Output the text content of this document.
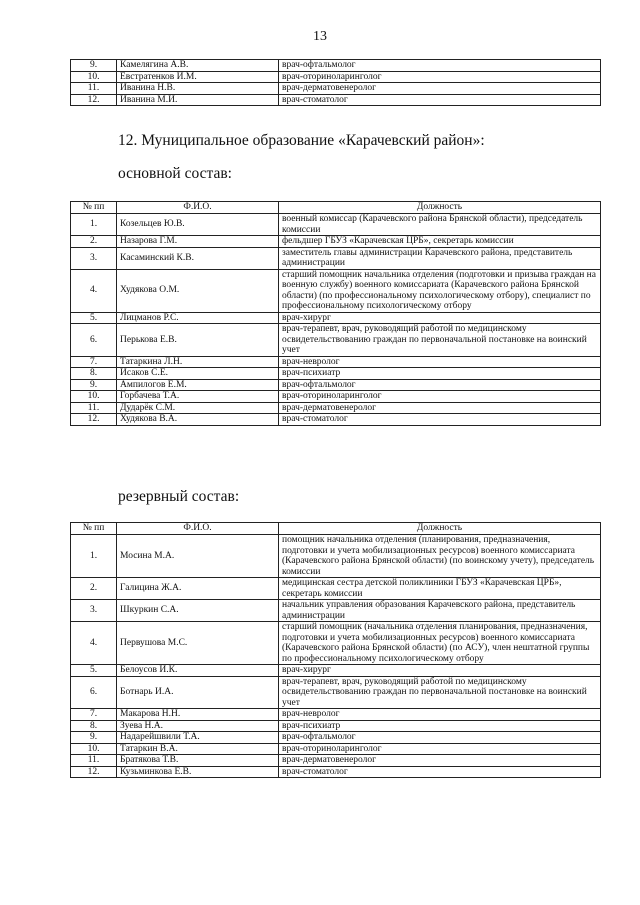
13
9.	Камелягина А.В.	врач-офтальмолог
10.	Евстратенков И.М.	врач-оториноларинголог
11.	Иванина Н.В.	врач-дерматовенеролог
12.	Иванина М.И.	врач-стоматолог
12. Муниципальное образование «Карачевский район»:
основной состав:
№ пп	Ф.И.О.	Должность
1.	Козельцев Ю.В.	военный комиссар (Карачевского района Брянской области), председатель комиссии
2.	Назарова Г.М.	фельдшер ГБУЗ «Карачевская ЦРБ», секретарь комиссии
3.	Касаминский К.В.	заместитель главы администрации Карачевского района, представитель администрации
4.	Худякова О.М.	старший помощник начальника отделения (подготовки и призыва граждан на военную службу) военного комиссариата (Карачевского района Брянской области) (по профессиональному психологическому отбору), специалист по профессиональному психологическому отбору
5.	Лицманов Р.С.	врач-хирург
6.	Перькова Е.В.	врач-терапевт, врач, руководящий работой по медицинскому освидетельствованию граждан по первоначальной постановке на воинский учет
7.	Татаркина Л.Н.	врач-невролог
8.	Исаков С.Е.	врач-психиатр
9.	Ампилогов Е.М.	врач-офтальмолог
10.	Горбачева Т.А.	врач-оториноларинголог
11.	Дударёк С.М.	врач-дерматовенеролог
12.	Худякова В.А.	врач-стоматолог
резервный состав:
№ пп	Ф.И.О.	Должность
1.	Мосина М.А.	помощник начальника отделения (планирования, предназначения, подготовки и учета мобилизационных ресурсов) военного комиссариата (Карачевского района Брянской области) (по воинскому учету), председатель комиссии
2.	Галицина Ж.А.	медицинская сестра детской поликлиники ГБУЗ «Карачевская ЦРБ», секретарь комиссии
3.	Шкуркин С.А.	начальник управления образования Карачевского района, представитель администрации
4.	Первушова М.С.	старший помощник (начальника отделения планирования, предназначения, подготовки и учета мобилизационных ресурсов) военного комиссариата (Карачевского района Брянской области) (по АСУ), член нештатной группы по профессиональному психологическому отбору
5.	Белоусов И.К.	врач-хирург
6.	Ботнарь И.А.	врач-терапевт, врач, руководящий работой по медицинскому освидетельствованию граждан по первоначальной постановке на воинский учет
7.	Макарова Н.Н.	врач-невролог
8.	Зуева Н.А.	врач-психиатр
9.	Надарейшвили Т.А.	врач-офтальмолог
10.	Татаркин В.А.	врач-оториноларинголог
11.	Братякова Т.В.	врач-дерматовенеролог
12.	Кузьминкова Е.В.	врач-стоматолог
